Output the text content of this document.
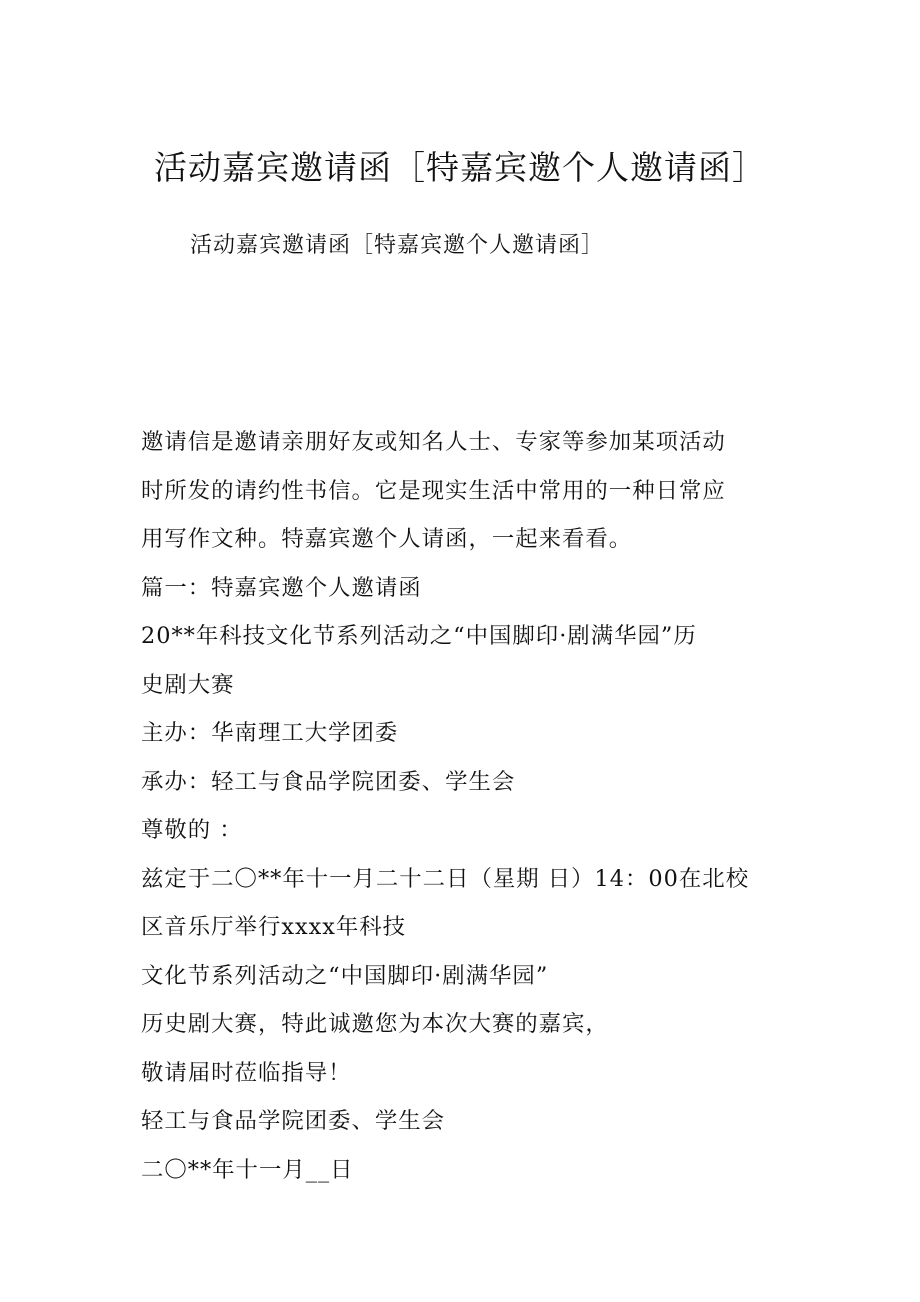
活动嘉宾邀请函［特嘉宾邀个人邀请函］
活动嘉宾邀请函［特嘉宾邀个人邀请函］
邀请信是邀请亲朋好友或知名人士、专家等参加某项活动
时所发的请约性书信。它是现实生活中常用的一种日常应
用写作文种。特嘉宾邀个人请函，一起来看看。
篇一：特嘉宾邀个人邀请函
20**年科技文化节系列活动之“中国脚印·剧满华园”历
史剧大赛
主办：华南理工大学团委
承办：轻工与食品学院团委、学生会
尊敬的 ：
兹定于二〇**年十一月二十二日（星期 日）14：00在北校
区音乐厅举行xxxx年科技
文化节系列活动之“中国脚印·剧满华园”
历史剧大赛，特此诚邀您为本次大赛的嘉宾，
敬请届时莅临指导！
轻工与食品学院团委、学生会
二〇**年十一月__日
